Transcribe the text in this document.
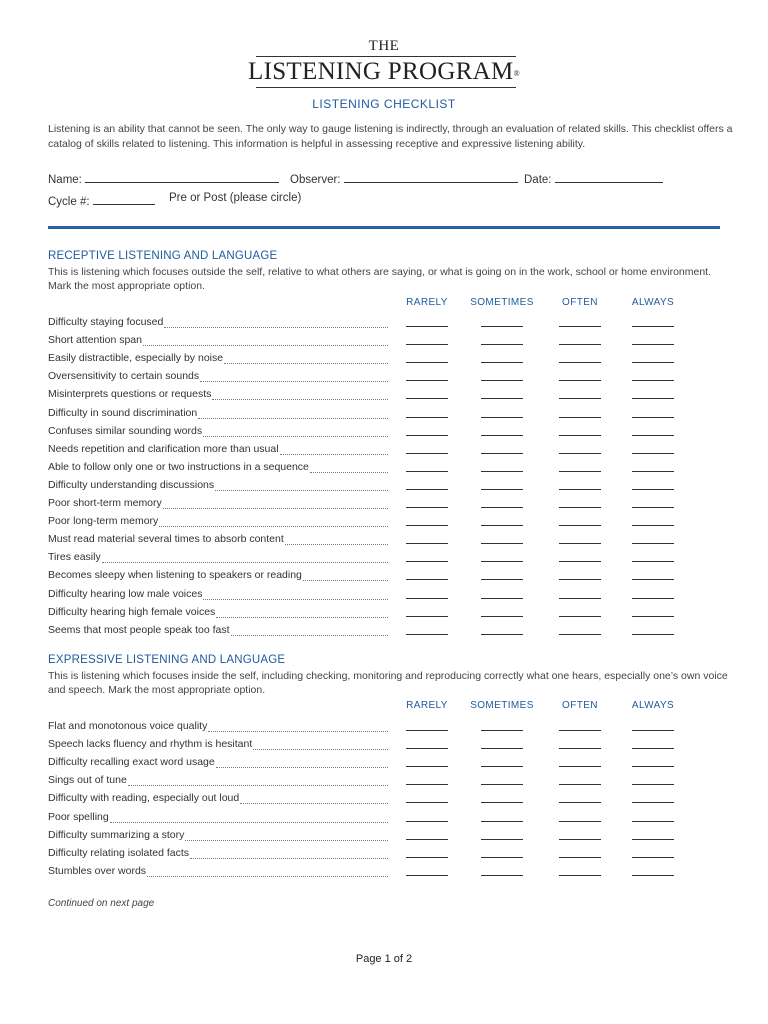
THE
LISTENING PROGRAM®
LISTENING CHECKLIST
Listening is an ability that cannot be seen. The only way to gauge listening is indirectly, through an evaluation of related skills. This checklist offers a catalog of skills related to listening. This information is helpful in assessing receptive and expressive listening ability.
Name:	Observer:	Date:
Cycle #:	Pre or Post (please circle)
RECEPTIVE LISTENING AND LANGUAGE
This is listening which focuses outside the self, relative to what others are saying, or what is going on in the work, school or home environment. Mark the most appropriate option.
RARELY	SOMETIMES	OFTEN	ALWAYS
Difficulty staying focused
Short attention span
Easily distractible, especially by noise
Oversensitivity to certain sounds
Misinterprets questions or requests
Difficulty in sound discrimination
Confuses similar sounding words
Needs repetition and clarification more than usual
Able to follow only one or two instructions in a sequence
Difficulty understanding discussions
Poor short-term memory
Poor long-term memory
Must read material several times to absorb content
Tires easily
Becomes sleepy when listening to speakers or reading
Difficulty hearing low male voices
Difficulty hearing high female voices
Seems that most people speak too fast
EXPRESSIVE LISTENING AND LANGUAGE
This is listening which focuses inside the self, including checking, monitoring and reproducing correctly what one hears, especially one’s own voice and speech. Mark the most appropriate option.
RARELY	SOMETIMES	OFTEN	ALWAYS
Flat and monotonous voice quality
Speech lacks fluency and rhythm is hesitant
Difficulty recalling exact word usage
Sings out of tune
Difficulty with reading, especially out loud
Poor spelling
Difficulty summarizing a story
Difficulty relating isolated facts
Stumbles over words
Continued on next page
Page 1 of 2
